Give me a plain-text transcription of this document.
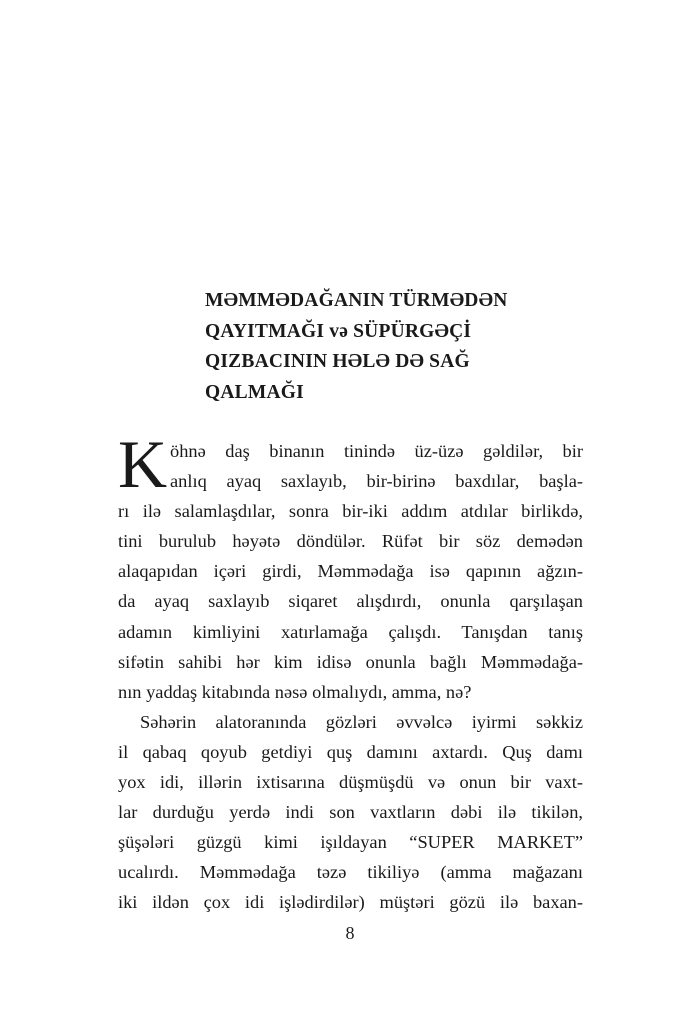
MƏMMƏDAĞANIN TÜRMƏDƏN
QAYITMAĞI və SÜPÜRGƏÇİ
QIZBACININ HƏLƏ DƏ SAĞ
QALMAĞI
K öhnə daş binanın tinində üz-üzə gəldilər, bir
anlıq ayaq saxlayıb, bir-birinə baxdılar, başla-
rı ilə salamlaşdılar, sonra bir-iki addım atdılar birlikdə,
tini burulub həyətə döndülər. Rüfət bir söz demədən
alaqapıdan içəri girdi, Məmmədağa isə qapının ağzın-
da ayaq saxlayıb siqaret alışdırdı, onunla qarşılaşan
adamın kimliyini xatırlamağa çalışdı. Tanışdan tanış
sifətin sahibi hər kim idisə onunla bağlı Məmmədağa-
nın yaddaş kitabında nəsə olmalıydı, amma, nə?
Səhərin alatoranında gözləri əvvəlcə iyirmi səkkiz
il qabaq qoyub getdiyi quş damını axtardı. Quş damı
yox idi, illərin ixtisarına düşmüşdü və onun bir vaxt-
lar durduğu yerdə indi son vaxtların dəbi ilə tikilən,
şüşələri güzgü kimi işıldayan “SUPER MARKET”
ucalırdı. Məmmədağa təzə tikiliyə (amma mağazanı
iki ildən çox idi işlədirdilər) müştəri gözü ilə baxan-
8
